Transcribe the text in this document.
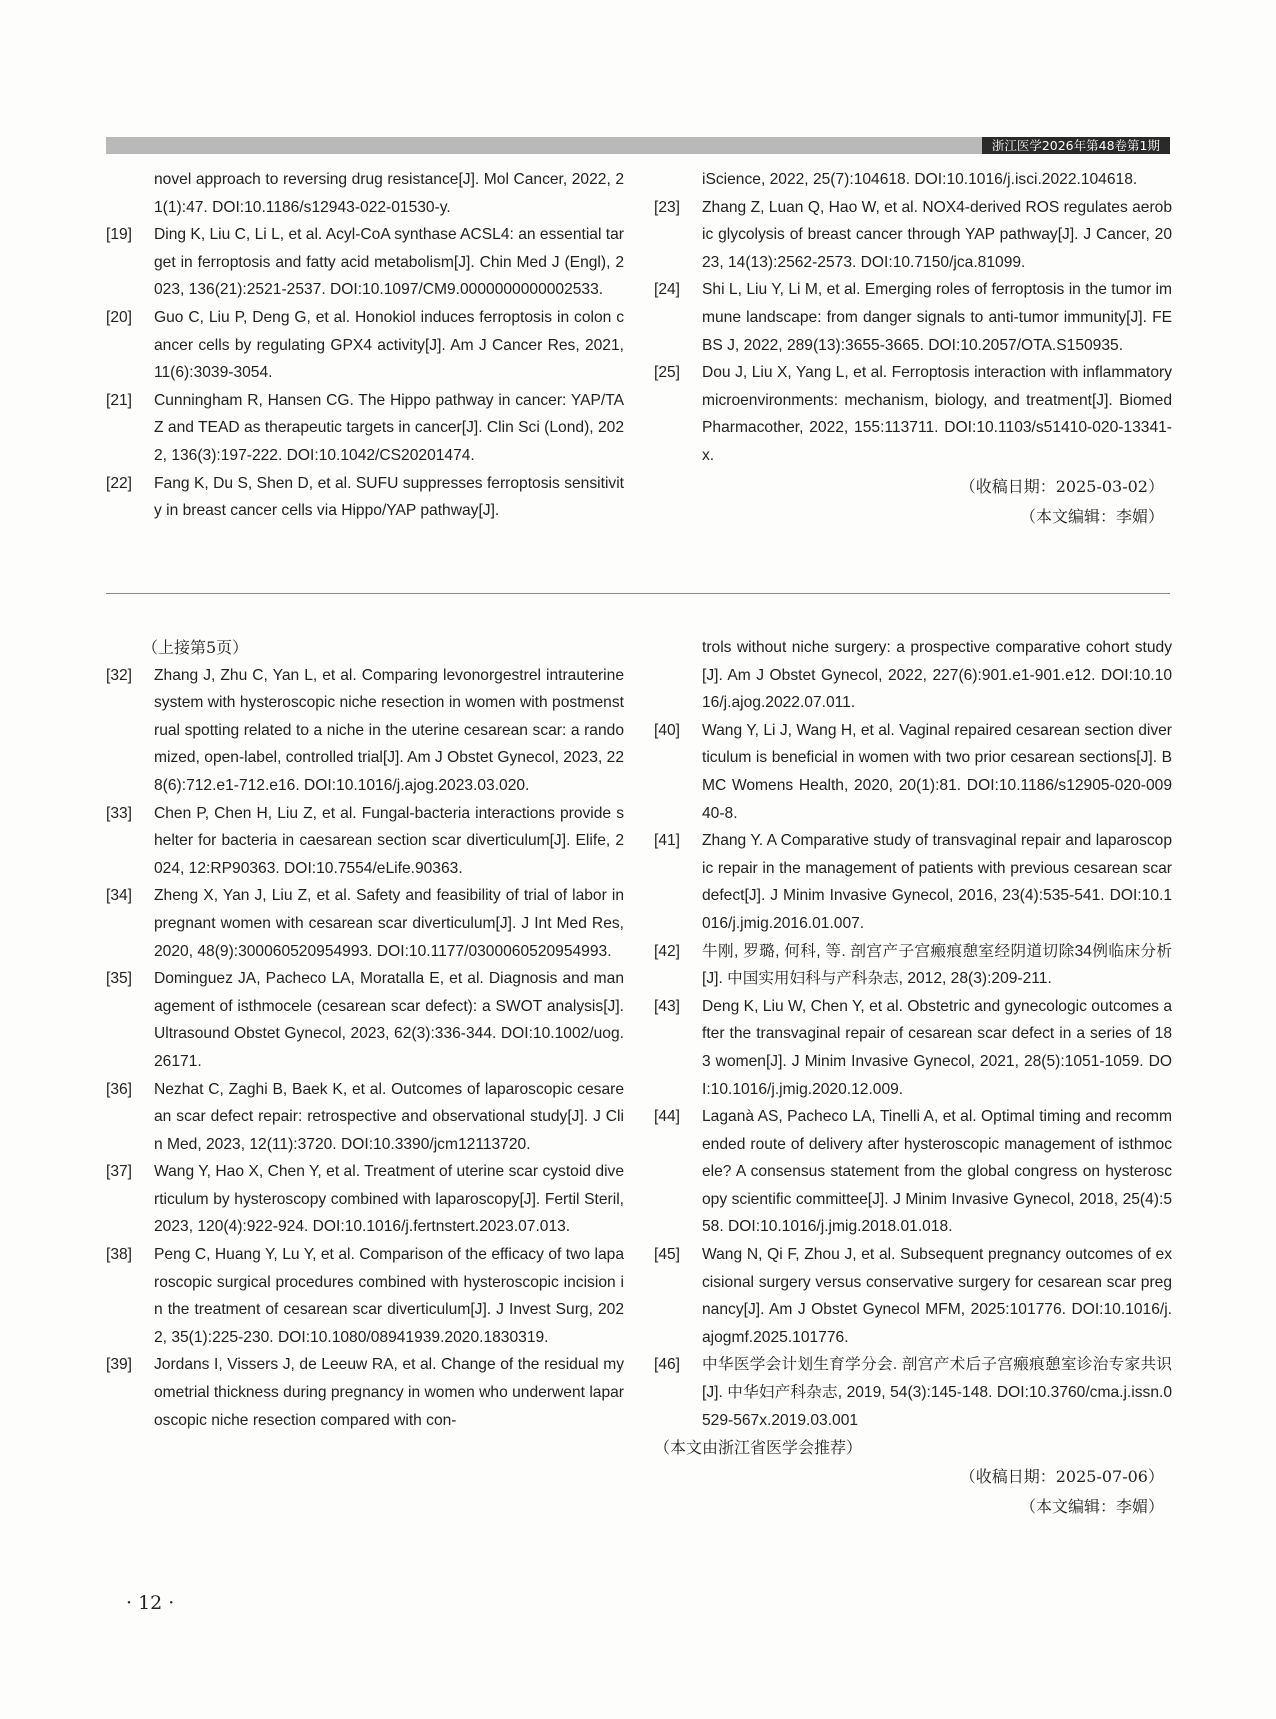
浙江医学2026年第48卷第1期
novel approach to reversing drug resistance[J]. Mol Cancer, 2022, 21(1):47. DOI:10.1186/s12943-022-01530-y.
[19] Ding K, Liu C, Li L, et al. Acyl-CoA synthase ACSL4: an essential target in ferroptosis and fatty acid metabolism[J]. Chin Med J (Engl), 2023, 136(21):2521-2537. DOI:10.1097/CM9.0000000000002533.
[20] Guo C, Liu P, Deng G, et al. Honokiol induces ferroptosis in colon cancer cells by regulating GPX4 activity[J]. Am J Cancer Res, 2021, 11(6):3039-3054.
[21] Cunningham R, Hansen CG. The Hippo pathway in cancer: YAP/TAZ and TEAD as therapeutic targets in cancer[J]. Clin Sci (Lond), 2022, 136(3):197-222. DOI:10.1042/CS20201474.
[22] Fang K, Du S, Shen D, et al. SUFU suppresses ferroptosis sensitivity in breast cancer cells via Hippo/YAP pathway[J].
iScience, 2022, 25(7):104618. DOI:10.1016/j.isci.2022.104618.
[23] Zhang Z, Luan Q, Hao W, et al. NOX4-derived ROS regulates aerobic glycolysis of breast cancer through YAP pathway[J]. J Cancer, 2023, 14(13):2562-2573. DOI:10.7150/jca.81099.
[24] Shi L, Liu Y, Li M, et al. Emerging roles of ferroptosis in the tumor immune landscape: from danger signals to anti-tumor immunity[J]. FEBS J, 2022, 289(13):3655-3665. DOI:10.2057/OTA.S150935.
[25] Dou J, Liu X, Yang L, et al. Ferroptosis interaction with inflammatory microenvironments: mechanism, biology, and treatment[J]. Biomed Pharmacother, 2022, 155:113711. DOI:10.1103/s51410-020-13341-x.
（收稿日期：2025-03-02）
（本文编辑：李媚）
（上接第5页）
[32] Zhang J, Zhu C, Yan L, et al. Comparing levonorgestrel intrauterine system with hysteroscopic niche resection in women with postmenstrual spotting related to a niche in the uterine cesarean scar: a randomized, open-label, controlled trial[J]. Am J Obstet Gynecol, 2023, 228(6):712.e1-712.e16. DOI:10.1016/j.ajog.2023.03.020.
[33] Chen P, Chen H, Liu Z, et al. Fungal-bacteria interactions provide shelter for bacteria in caesarean section scar diverticulum[J]. Elife, 2024, 12:RP90363. DOI:10.7554/eLife.90363.
[34] Zheng X, Yan J, Liu Z, et al. Safety and feasibility of trial of labor in pregnant women with cesarean scar diverticulum[J]. J Int Med Res, 2020, 48(9):300060520954993. DOI:10.1177/0300060520954993.
[35] Dominguez JA, Pacheco LA, Moratalla E, et al. Diagnosis and management of isthmocele (cesarean scar defect): a SWOT analysis[J]. Ultrasound Obstet Gynecol, 2023, 62(3):336-344. DOI:10.1002/uog.26171.
[36] Nezhat C, Zaghi B, Baek K, et al. Outcomes of laparoscopic cesarean scar defect repair: retrospective and observational study[J]. J Clin Med, 2023, 12(11):3720. DOI:10.3390/jcm12113720.
[37] Wang Y, Hao X, Chen Y, et al. Treatment of uterine scar cystoid diverticulum by hysteroscopy combined with laparoscopy[J]. Fertil Steril, 2023, 120(4):922-924. DOI:10.1016/j.fertnstert.2023.07.013.
[38] Peng C, Huang Y, Lu Y, et al. Comparison of the efficacy of two laparoscopic surgical procedures combined with hysteroscopic incision in the treatment of cesarean scar diverticulum[J]. J Invest Surg, 2022, 35(1):225-230. DOI:10.1080/08941939.2020.1830319.
[39] Jordans I, Vissers J, de Leeuw RA, et al. Change of the residual myometrial thickness during pregnancy in women who underwent laparoscopic niche resection compared with con-
trols without niche surgery: a prospective comparative cohort study[J]. Am J Obstet Gynecol, 2022, 227(6):901.e1-901.e12. DOI:10.1016/j.ajog.2022.07.011.
[40] Wang Y, Li J, Wang H, et al. Vaginal repaired cesarean section diverticulum is beneficial in women with two prior cesarean sections[J]. BMC Womens Health, 2020, 20(1):81. DOI:10.1186/s12905-020-00940-8.
[41] Zhang Y. A Comparative study of transvaginal repair and laparoscopic repair in the management of patients with previous cesarean scar defect[J]. J Minim Invasive Gynecol, 2016, 23(4):535-541. DOI:10.1016/j.jmig.2016.01.007.
[42] 牛刚, 罗璐, 何科, 等. 剖宫产子宫瘢痕憩室经阴道切除34例临床分析[J]. 中国实用妇科与产科杂志, 2012, 28(3):209-211.
[43] Deng K, Liu W, Chen Y, et al. Obstetric and gynecologic outcomes after the transvaginal repair of cesarean scar defect in a series of 183 women[J]. J Minim Invasive Gynecol, 2021, 28(5):1051-1059. DOI:10.1016/j.jmig.2020.12.009.
[44] Laganà AS, Pacheco LA, Tinelli A, et al. Optimal timing and recommended route of delivery after hysteroscopic management of isthmocele? A consensus statement from the global congress on hysteroscopy scientific committee[J]. J Minim Invasive Gynecol, 2018, 25(4):558. DOI:10.1016/j.jmig.2018.01.018.
[45] Wang N, Qi F, Zhou J, et al. Subsequent pregnancy outcomes of excisional surgery versus conservative surgery for cesarean scar pregnancy[J]. Am J Obstet Gynecol MFM, 2025:101776. DOI:10.1016/j.ajogmf.2025.101776.
[46] 中华医学会计划生育学分会. 剖宫产术后子宫瘢痕憩室诊治专家共识[J]. 中华妇产科杂志, 2019, 54(3):145-148. DOI:10.3760/cma.j.issn.0529-567x.2019.03.001
（本文由浙江省医学会推荐）
（收稿日期：2025-07-06）
（本文编辑：李媚）
· 12 ·
